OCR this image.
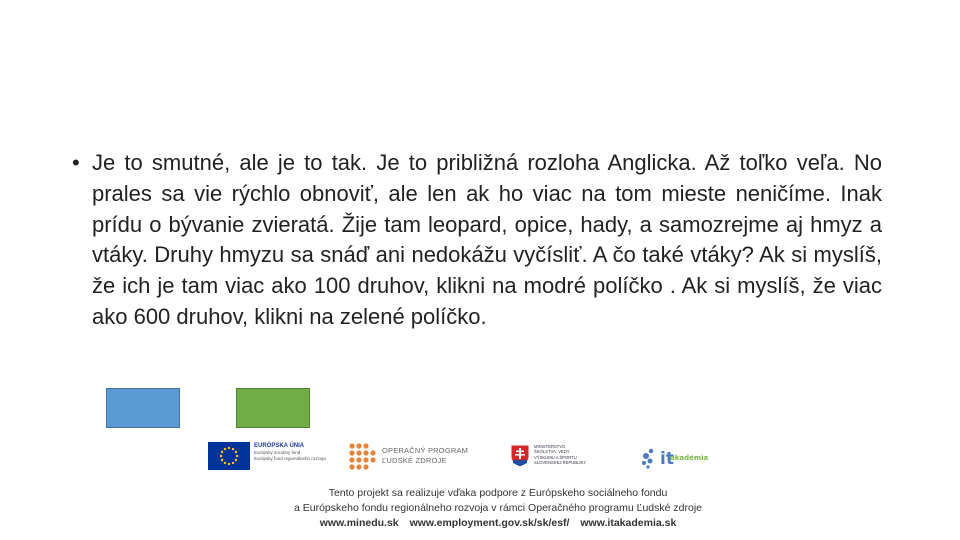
• Je to smutné, ale je to tak. Je to približná rozloha Anglicka. Až toľko veľa. No prales sa vie rýchlo obnoviť, ale len ak ho viac na tom mieste neničíme. Inak prídu o bývanie zvieratá. Žije tam leopard, opice, hady, a samozrejme aj hmyz a vtáky. Druhy hmyzu sa snáď ani nedokážu vyčísliť. A čo také vtáky? Ak si myslíš, že ich je tam viac ako 100 druhov, klikni na modré políčko . Ak si myslíš, že viac ako 600 druhov, klikni na zelené políčko.

EURÓPSKA ÚNIA
Európsky sociálny fond
Európsky fond regionálneho rozvoja
OPERAČNÝ PROGRAM
ĽUDSKÉ ZDROJE
MINISTERSTVO
ŠKOLSTVA, VEDY,
VÝSKUMU A ŠPORTU
SLOVENSKEJ REPUBLIKY	it
akadémia
Tento projekt sa realizuje vďaka podpore z Európskeho sociálneho fondu
a Európskeho fondu regionálneho rozvoja v rámci Operačného programu Ľudské zdroje
www.minedu.sk www.employment.gov.sk/sk/esf/ www.itakademia.sk
